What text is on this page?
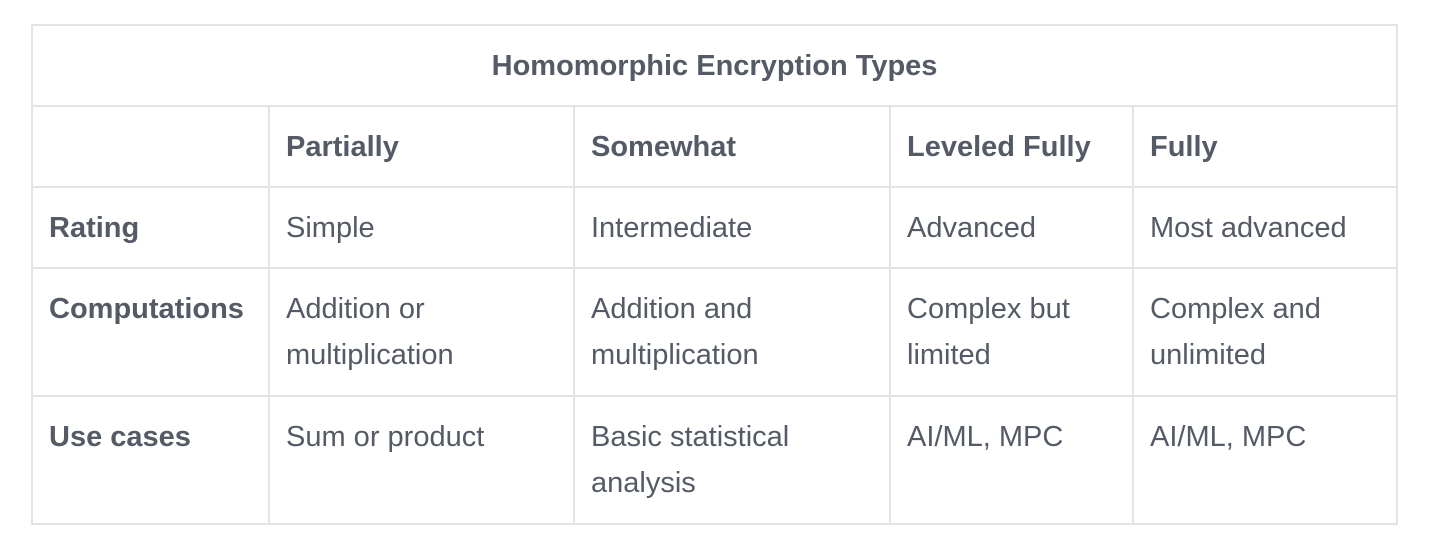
Homomorphic Encryption Types				
	Partially	Somewhat	Leveled Fully	Fully
Rating	Simple	Intermediate	Advanced	Most advanced
Computations	Addition or multiplication	Addition and multiplication	Complex but limited	Complex and unlimited
Use cases	Sum or product	Basic statistical analysis	AI/ML, MPC	AI/ML, MPC
